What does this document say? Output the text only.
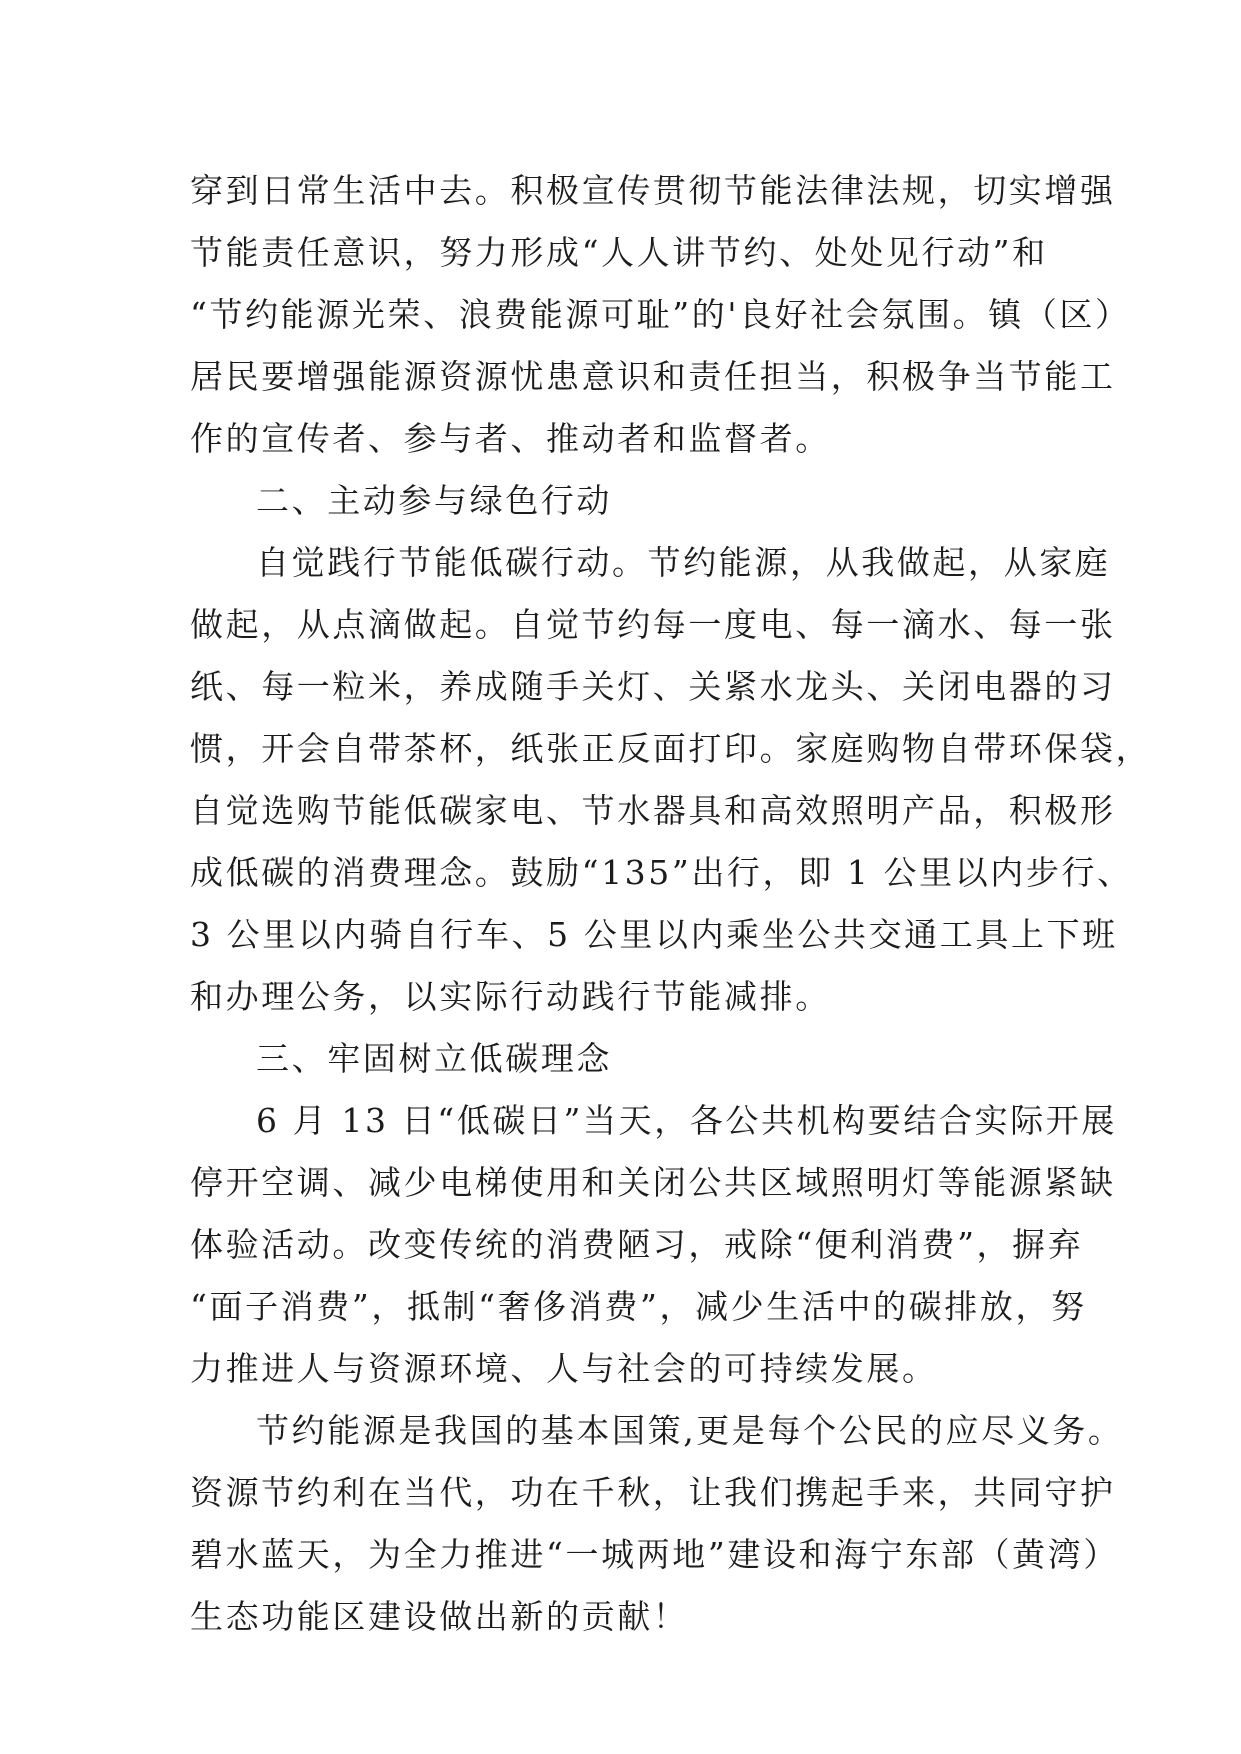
穿到日常生活中去。积极宣传贯彻节能法律法规，切实增强
节能责任意识，努力形成“人人讲节约、处处见行动”和
“节约能源光荣、浪费能源可耻”的'良好社会氛围。镇（区）
居民要增强能源资源忧患意识和责任担当，积极争当节能工
作的宣传者、参与者、推动者和监督者。
二、主动参与绿色行动
自觉践行节能低碳行动。节约能源，从我做起，从家庭
做起，从点滴做起。自觉节约每一度电、每一滴水、每一张
纸、每一粒米，养成随手关灯、关紧水龙头、关闭电器的习
惯，开会自带茶杯，纸张正反面打印。家庭购物自带环保袋，
自觉选购节能低碳家电、节水器具和高效照明产品，积极形
成低碳的消费理念。鼓励“135”出行，即 1 公里以内步行、
3 公里以内骑自行车、5 公里以内乘坐公共交通工具上下班
和办理公务，以实际行动践行节能减排。
三、牢固树立低碳理念
6 月 13 日“低碳日”当天，各公共机构要结合实际开展
停开空调、减少电梯使用和关闭公共区域照明灯等能源紧缺
体验活动。改变传统的消费陋习，戒除“便利消费”，摒弃
“面子消费”，抵制“奢侈消费”，减少生活中的碳排放，努
力推进人与资源环境、人与社会的可持续发展。
节约能源是我国的基本国策,更是每个公民的应尽义务。
资源节约利在当代，功在千秋，让我们携起手来，共同守护
碧水蓝天，为全力推进“一城两地”建设和海宁东部（黄湾）
生态功能区建设做出新的贡献！
